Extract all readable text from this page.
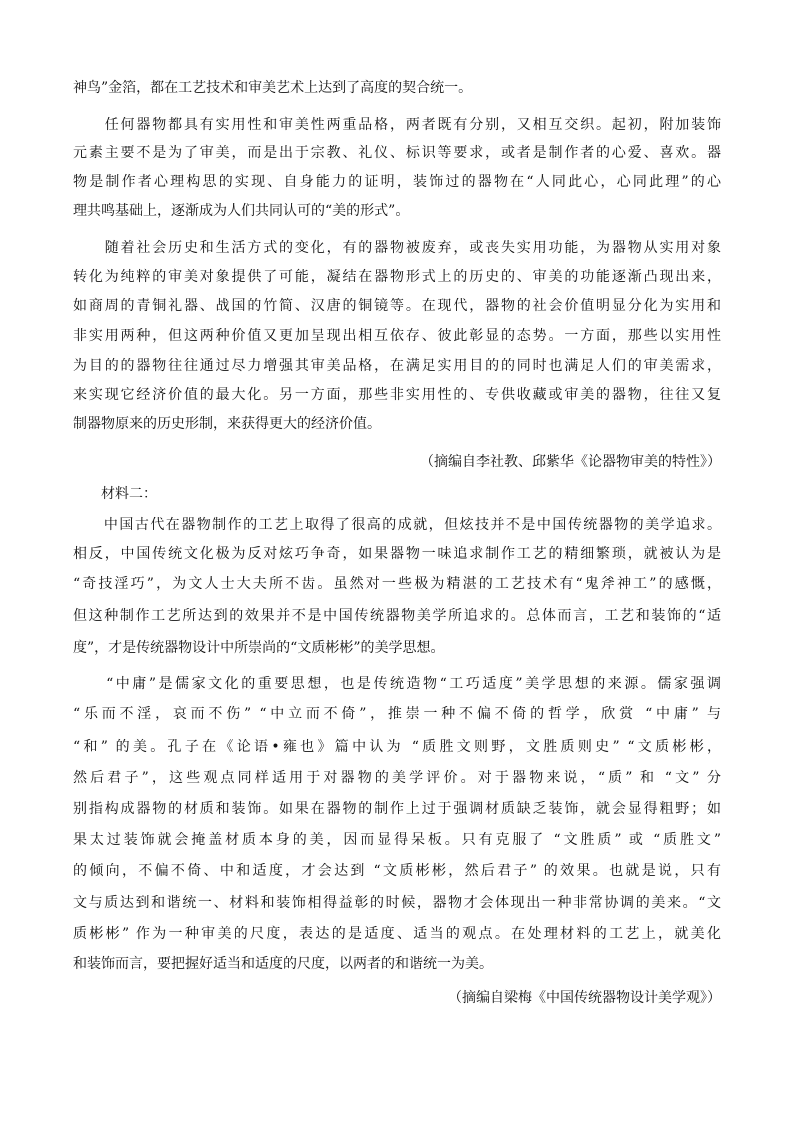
神鸟”金箔，都在工艺技术和审美艺术上达到了高度的契合统一。
　　任何器物都具有实用性和审美性两重品格，两者既有分别，又相互交织。起初，附加装饰
元素主要不是为了审美，而是出于宗教、礼仪、标识等要求，或者是制作者的心爱、喜欢。器
物是制作者心理构思的实现、自身能力的证明，装饰过的器物在“人同此心，心同此理”的心
理共鸣基础上，逐渐成为人们共同认可的“美的形式”。
　　随着社会历史和生活方式的变化，有的器物被废弃，或丧失实用功能，为器物从实用对象
转化为纯粹的审美对象提供了可能，凝结在器物形式上的历史的、审美的功能逐渐凸现出来，
如商周的青铜礼器、战国的竹简、汉唐的铜镜等。在现代，器物的社会价值明显分化为实用和
非实用两种，但这两种价值又更加呈现出相互依存、彼此彰显的态势。一方面，那些以实用性
为目的的器物往往通过尽力增强其审美品格，在满足实用目的的同时也满足人们的审美需求，
来实现它经济价值的最大化。另一方面，那些非实用性的、专供收藏或审美的器物，往往又复
制器物原来的历史形制，来获得更大的经济价值。
（摘编自李社教、邱紫华《论器物审美的特性》）
　　材料二：
　　中国古代在器物制作的工艺上取得了很高的成就，但炫技并不是中国传统器物的美学追求。
相反，中国传统文化极为反对炫巧争奇，如果器物一味追求制作工艺的精细繁琐，就被认为是
“奇技淫巧”，为文人士大夫所不齿。虽然对一些极为精湛的工艺技术有“鬼斧神工”的感慨，
但这种制作工艺所达到的效果并不是中国传统器物美学所追求的。总体而言，工艺和装饰的“适
度”，才是传统器物设计中所崇尚的“文质彬彬”的美学思想。
　　“中庸”是儒家文化的重要思想，也是传统造物“工巧适度”美学思想的来源。儒家强调
“乐而不淫，哀而不伤” “中立而不倚”，推崇一种不偏不倚的哲学，欣赏 “中庸” 与
“和” 的美。孔子在《论语•雍也》篇中认为 “质胜文则野，文胜质则史” “文质彬彬，
然后君子”，这些观点同样适用于对器物的美学评价。对于器物来说，“质” 和 “文” 分
别指构成器物的材质和装饰。如果在器物的制作上过于强调材质缺乏装饰，就会显得粗野；如
果太过装饰就会掩盖材质本身的美，因而显得呆板。只有克服了 “文胜质” 或 “质胜文”
的倾向，不偏不倚、中和适度，才会达到 “文质彬彬，然后君子” 的效果。也就是说，只有
文与质达到和谐统一、材料和装饰相得益彰的时候，器物才会体现出一种非常协调的美来。“文
质彬彬” 作为一种审美的尺度，表达的是适度、适当的观点。在处理材料的工艺上，就美化
和装饰而言，要把握好适当和适度的尺度，以两者的和谐统一为美。
（摘编自梁梅《中国传统器物设计美学观》）
